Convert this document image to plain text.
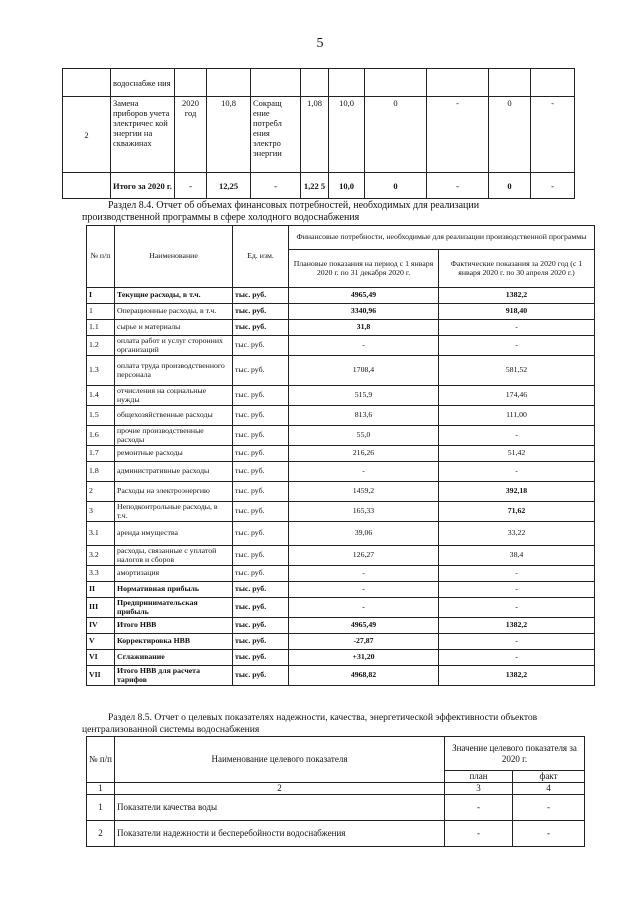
5
	водоснабже ния									
2	Замена приборов учета электричес кой энергии на скважинах	2020 год	10,8	Сокращ ение потребл ения электро энергии	1,08	10,0	0	-	0	-
	Итого за 2020 г.	-	12,25	-	1,22 5	10,0	0	-	0	-
Раздел 8.4. Отчет об объемах финансовых потребностей, необходимых для реализации
производственной программы в сфере холодного водоснабжения
№ п/п	Наименование	Ед. изм.	Финансовые потребности, необходимые для реализации производственной программы	
			Плановые показания на период с 1 января 2020 г. по 31 декабря 2020 г.	Фактические показания за 2020 год (с 1 января 2020 г. по 30 апреля 2020 г.)
I	Текущие расходы, в т.ч.	тыс. руб.	4965,49	1382,2
1	Операционные расходы, в т.ч.	тыс. руб.	3340,96	918,40
1.1	сырье и материалы	тыс. руб.	31,8	-
1.2	оплата работ и услуг сторонних организаций	тыс. руб.	-	-
1.3	оплата труда производственного персонала	тыс. руб.	1708,4	581,52
1.4	отчисления на социальные нужды	тыс. руб.	515,9	174,46
1.5	общехозяйственные расходы	тыс. руб.	813,6	111,00
1.6	прочие производственные расходы	тыс. руб.	55,0	-
1.7	ремонтные расходы	тыс. руб.	216,26	51,42
1.8	административные расходы	тыс. руб.	-	-
2	Расходы на электроэнергию	тыс. руб.	1459,2	392,18
3	Неподконтрольные расходы, в т.ч.	тыс. руб.	165,33	71,62
3.1	аренда имущества	тыс. руб.	39,06	33,22
3.2	расходы, связанные с уплатой налогов и сборов	тыс. руб.	126,27	38,4
3.3	амортизация	тыс. руб.	-	-
II	Нормативная прибыль	тыс. руб.	-	-
III	Предпринимательская прибыль	тыс. руб.	-	-
IV	Итого НВВ	тыс. руб.	4965,49	1382,2
V	Корректировка НВВ	тыс. руб.	-27,87	-
VI	Сглаживание	тыс. руб.	+31,20	-
VII	Итого НВВ для расчета тарифов	тыс. руб.	4968,82	1382,2
Раздел 8.5. Отчет о целевых показателях надежности, качества, энергетической эффективности объектов
централизованной системы водоснабжения
№ п/п	Наименование целевого показателя	Значение целевого показателя за 2020 г.	
		план	факт
1	2	3	4
1	Показатели качества воды	-	-
2	Показатели надежности и бесперебойности водоснабжения	-	-
